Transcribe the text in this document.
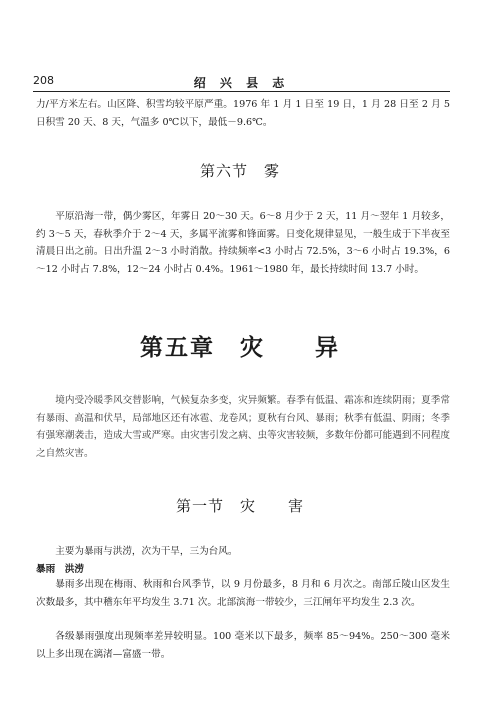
208	绍 兴 县 志

力/平方米左右。山区降、积雪均较平原严重。1976 年 1 月 1 日至 19 日，1 月 28 日至 2 月 5 日积雪 20 天、8 天，气温多 0℃以下，最低－9.6℃。

第六节　雾

平原沿海一带，偶少雾区，年雾日 20～30 天。6～8 月少于 2 天，11 月～翌年 1 月较多，约 3～5 天，春秋季介于 2～4 天，多属平流雾和锋面雾。日变化规律显见，一般生成于下半夜至清晨日出之前。日出升温 2～3 小时消散。持续频率<3 小时占 72.5%，3～6 小时占 19.3%，6～12 小时占 7.8%，12～24 小时占 0.4%。1961～1980 年，最长持续时间 13.7 小时。

第五章　灾　　异

境内受冷暖季风交替影响，气候复杂多变，灾异频繁。春季有低温、霜冻和连续阴雨；夏季常有暴雨、高温和伏旱，局部地区还有冰雹、龙卷风；夏秋有台风、暴雨；秋季有低温、阴雨；冬季有强寒潮袭击，造成大雪或严寒。由灾害引发之病、虫等灾害较频，多数年份都可能遇到不同程度之自然灾害。

第一节　灾　　害

主要为暴雨与洪涝，次为干旱，三为台风。

暴雨　洪涝

暴雨多出现在梅雨、秋雨和台风季节，以 9 月份最多，8 月和 6 月次之。南部丘陵山区发生次数最多，其中稽东年平均发生 3.71 次。北部滨海一带较少，三江闸年平均发生 2.3 次。

各级暴雨强度出现频率差异较明显。100 毫米以下最多，频率 85～94%。250～300 毫米以上多出现在漓渚—富盛一带。
